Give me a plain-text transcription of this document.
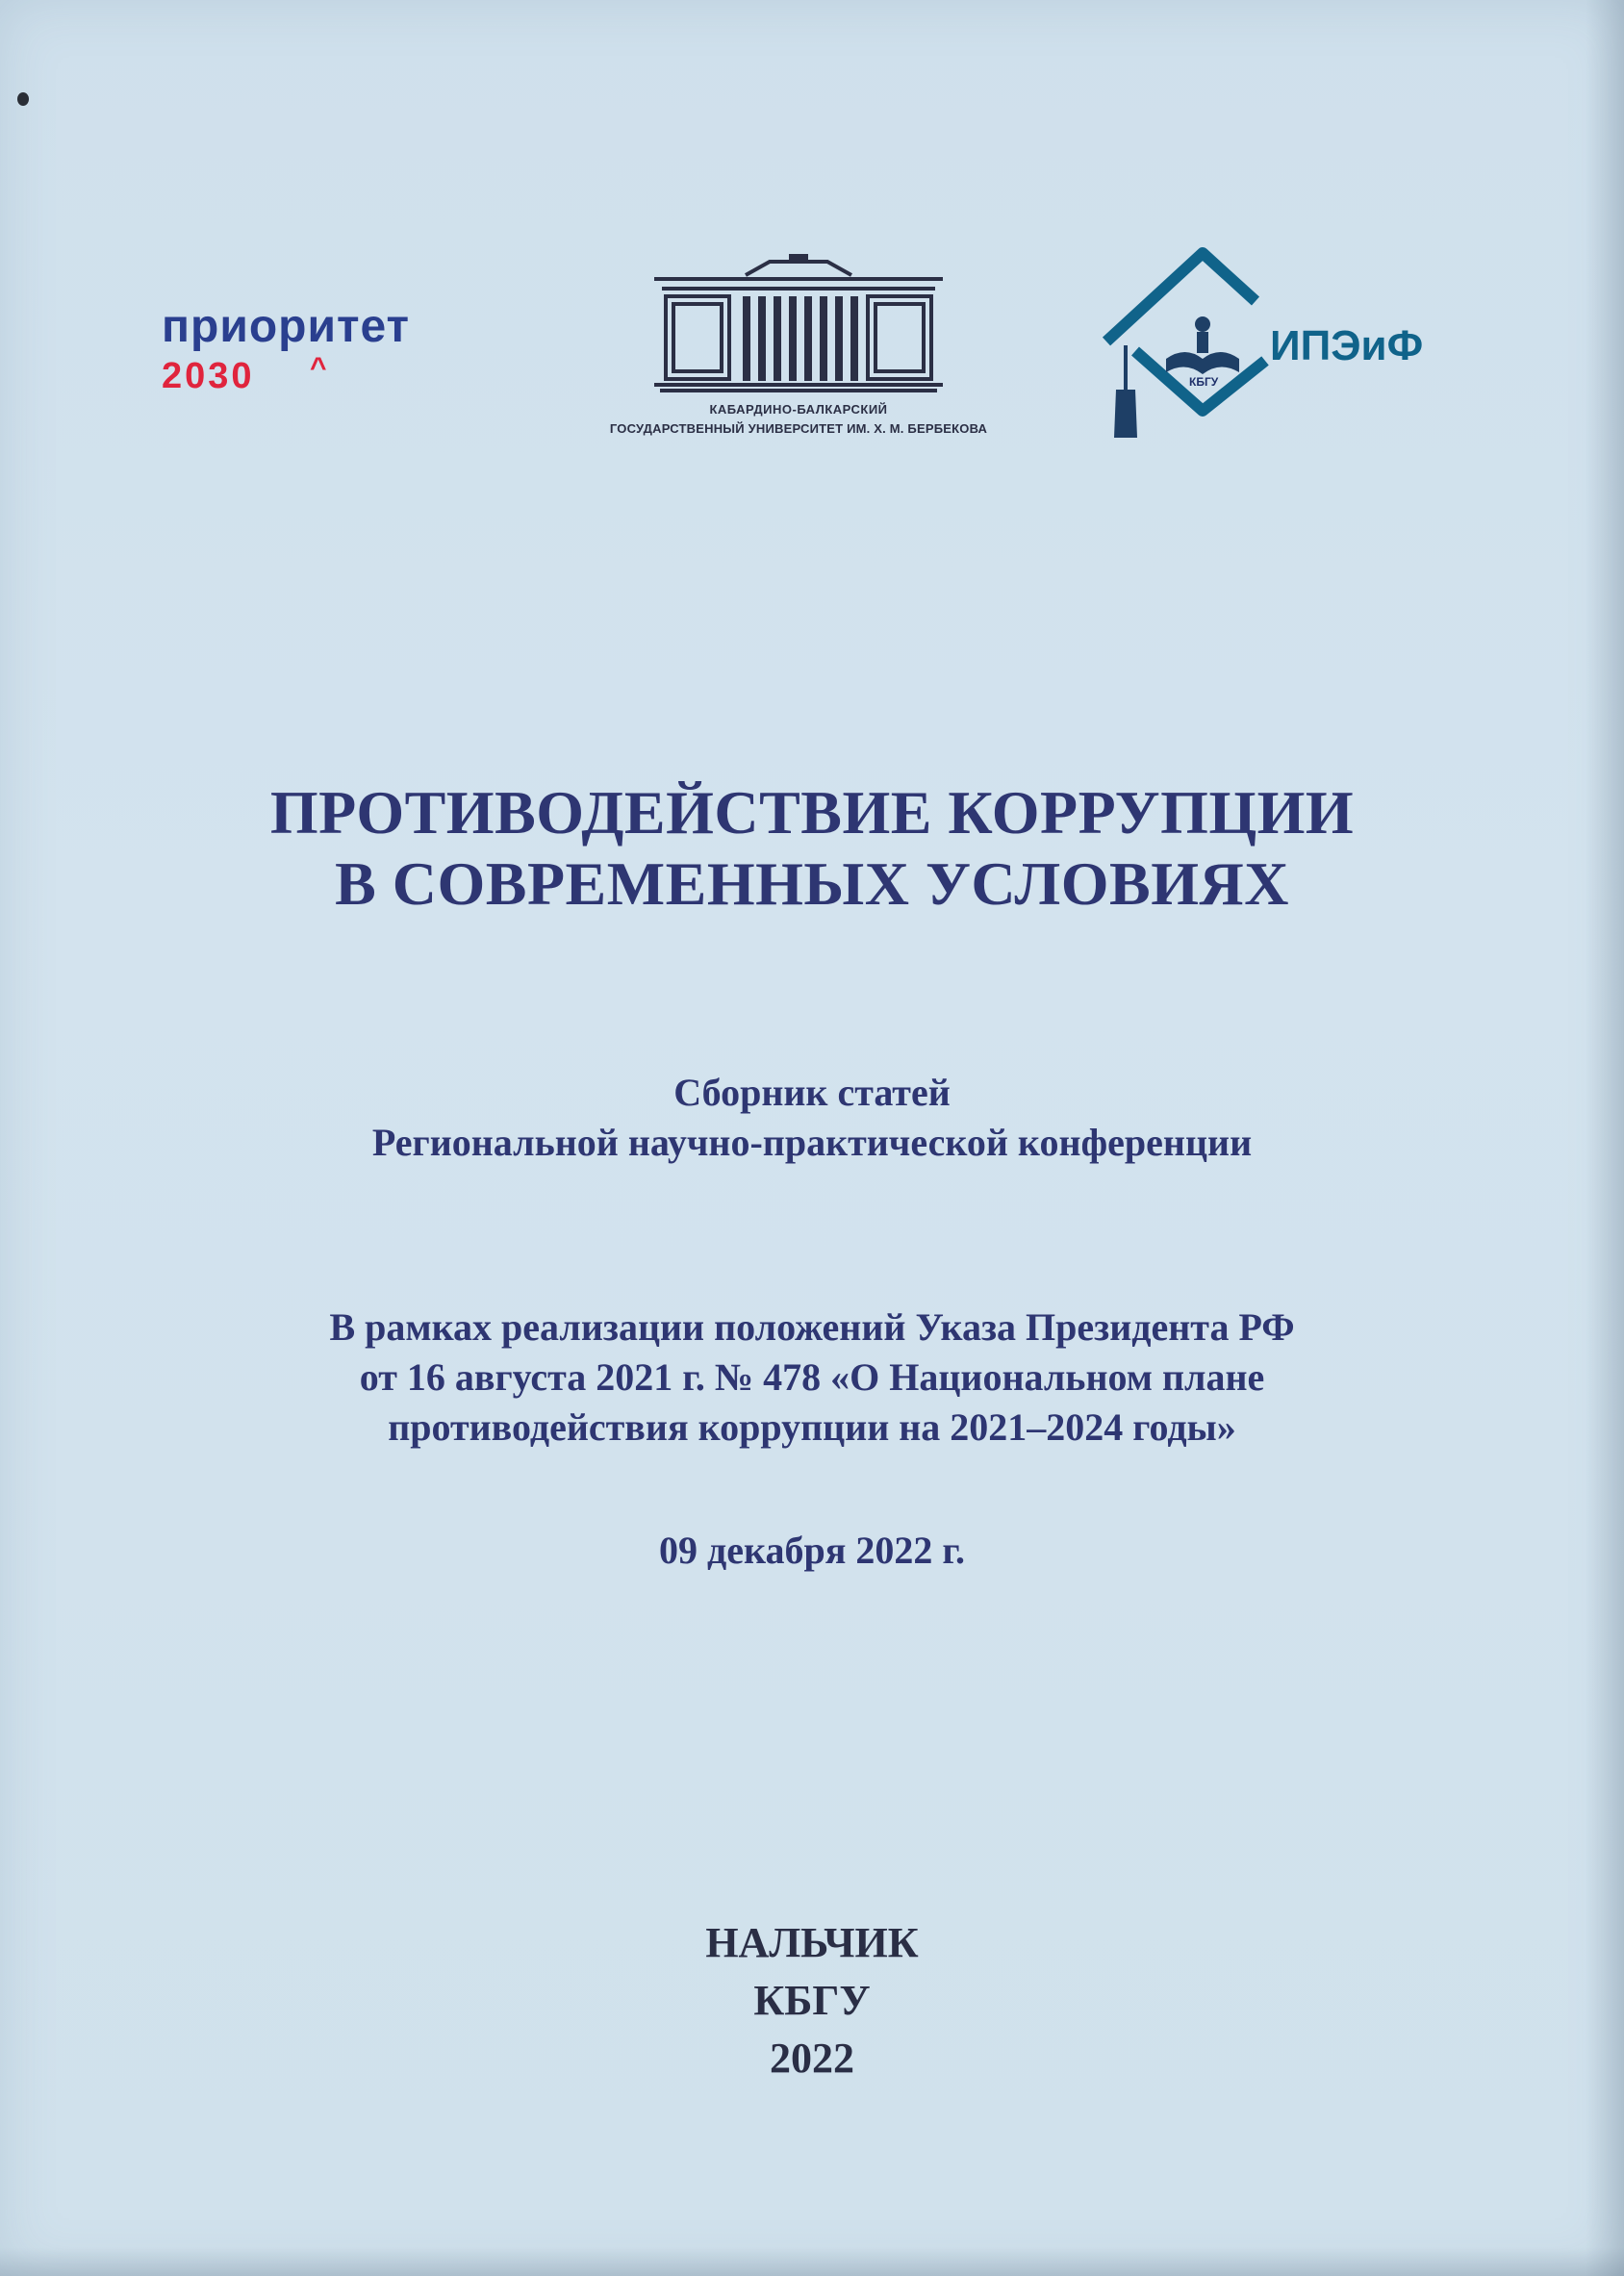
приоритет
2030 ^
КАБАРДИНО-БАЛКАРСКИЙ
ГОСУДАРСТВЕННЫЙ УНИВЕРСИТЕТ ИМ. Х. М. БЕРБЕКОВА
ИПЭиФ
КБГУ
ПРОТИВОДЕЙСТВИЕ КОРРУПЦИИ
В СОВРЕМЕННЫХ УСЛОВИЯХ
Сборник статей
Региональной научно-практической конференции
В рамках реализации положений Указа Президента РФ
от 16 августа 2021 г. № 478 «О Национальном плане
противодействия коррупции на 2021–2024 годы»
09 декабря 2022 г.
НАЛЬЧИК
КБГУ
2022
